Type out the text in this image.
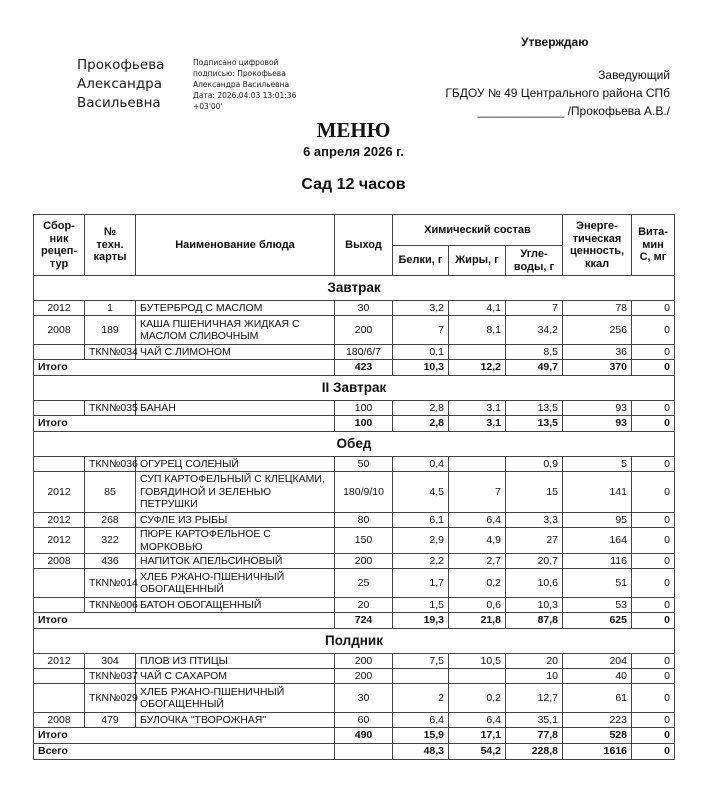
Прокофьева
Александра
Васильевна
Подписано цифровой
подписью: Прокофьева
Александра Васильевна
Дата: 2026.04.03 13:01:36
+03'00'
Утверждаю
Заведующий
ГБДОУ № 49 Центрального района СПб
_____________ /Прокофьева А.В./
МЕНЮ
6 апреля 2026 г.
Сад 12 часов
Сбор-ник рецеп-тур	№ техн. карты	Наименование блюда	Выход	Химический состав			Энерге-тическая ценность, ккал	Вита-мин С, мг
				Белки, г	Жиры, г	Угле-воды, г		
Завтрак								
2012	1	БУТЕРБРОД С МАСЛОМ	30	3,2	4,1	7	78	0
2008	189	КАША ПШЕНИЧНАЯ ЖИДКАЯ С МАСЛОМ СЛИВОЧНЫМ	200	7	8,1	34,2	256	0
	ТКN№034	ЧАЙ С ЛИМОНОМ	180/6/7	0,1		8,5	36	0
Итого			423	10,3	12,2	49,7	370	0
II Завтрак								
	ТКN№035	БАНАН	100	2,8	3,1	13,5	93	0
Итого			100	2,8	3,1	13,5	93	0
Обед								
	ТКN№036	ОГУРЕЦ СОЛЕНЫЙ	50	0,4		0,9	5	0
2012	85	СУП КАРТОФЕЛЬНЫЙ С КЛЕЦКАМИ, ГОВЯДИНОЙ И ЗЕЛЕНЬЮ ПЕТРУШКИ	180/9/10	4,5	7	15	141	0
2012	268	СУФЛЕ ИЗ РЫБЫ	80	6,1	6,4	3,3	95	0
2012	322	ПЮРЕ КАРТОФЕЛЬНОЕ С МОРКОВЬЮ	150	2,9	4,9	27	164	0
2008	436	НАПИТОК АПЕЛЬСИНОВЫЙ	200	2,2	2,7	20,7	116	0
	ТКN№014	ХЛЕБ РЖАНО-ПШЕНИЧНЫЙ ОБОГАЩЕННЫЙ	25	1,7	0,2	10,6	51	0
	ТКN№006	БАТОН ОБОГАЩЕННЫЙ	20	1,5	0,6	10,3	53	0
Итого			724	19,3	21,8	87,8	625	0
Полдник								
2012	304	ПЛОВ ИЗ ПТИЦЫ	200	7,5	10,5	20	204	0
	ТКN№037	ЧАЙ С САХАРОМ	200			10	40	0
	ТКN№029	ХЛЕБ РЖАНО-ПШЕНИЧНЫЙ ОБОГАЩЕННЫЙ	30	2	0,2	12,7	61	0
2008	479	БУЛОЧКА "ТВОРОЖНАЯ"	60	6,4	6,4	35,1	223	0
Итого			490	15,9	17,1	77,8	528	0
Всего				48,3	54,2	228,8	1616	0
